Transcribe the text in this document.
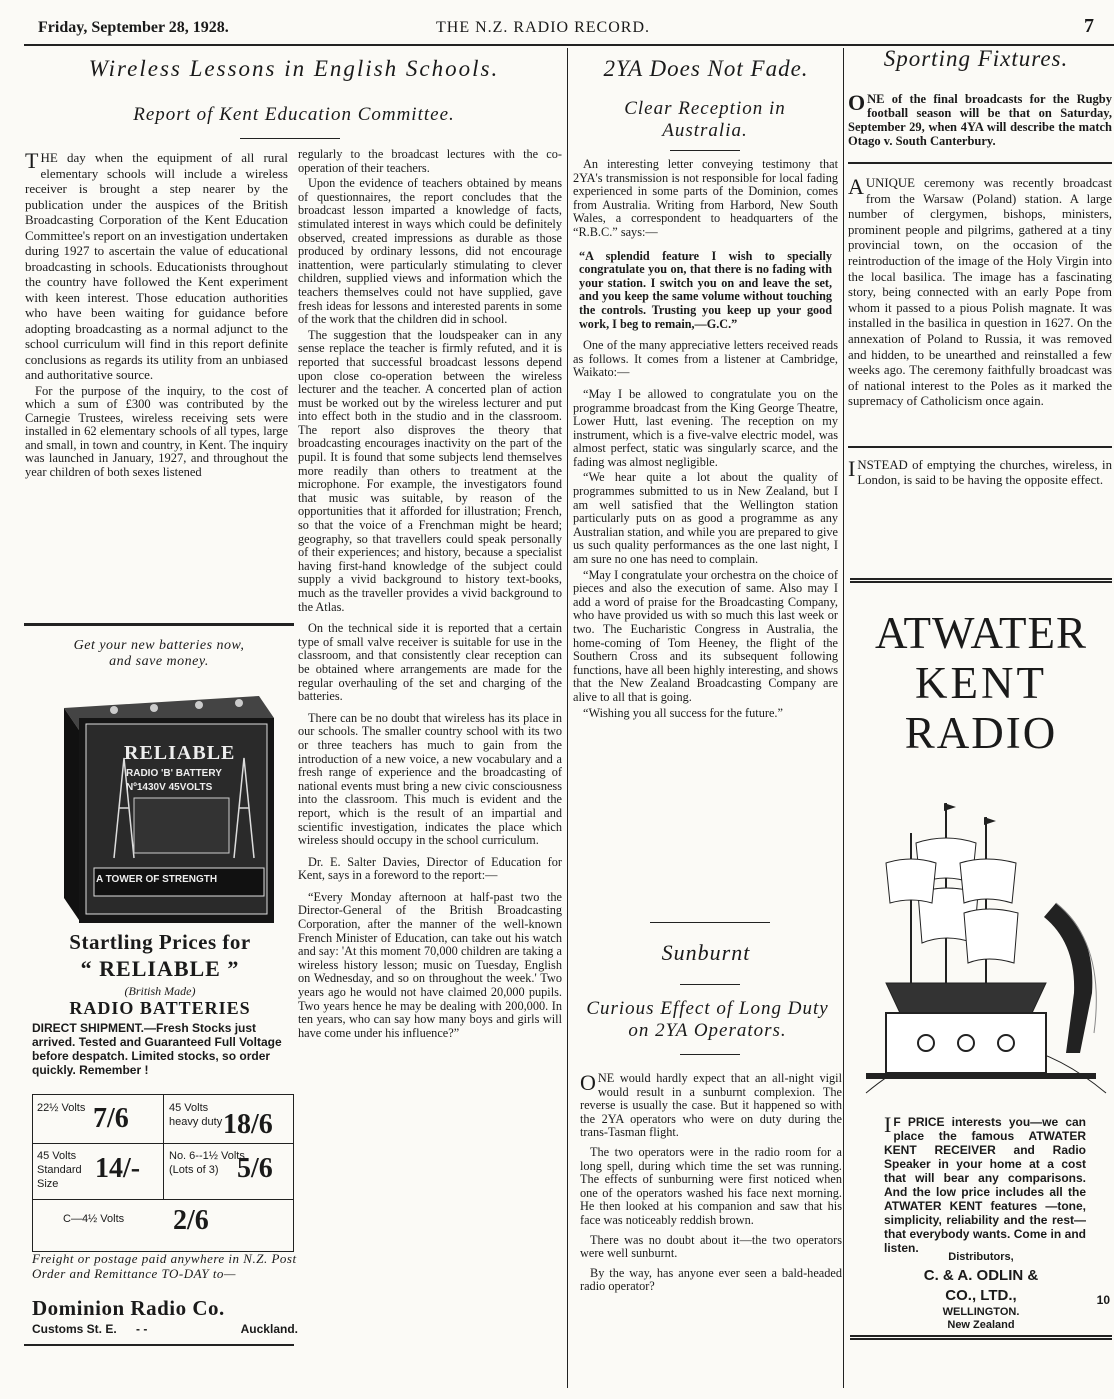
Friday, September 28, 1928.	THE N.Z. RADIO RECORD.	7
Wireless Lessons in English Schools.
Report of Kent Education Committee.

THE day when the equipment of all rural elementary schools will include a wireless receiver is brought a step nearer by the publication under the auspices of the British Broadcasting Corporation of the Kent Education Committee's report on an investigation undertaken during 1927 to ascertain the value of educational broadcasting in schools. Educationists throughout the country have followed the Kent experiment with keen interest. Those education authorities who have been waiting for guidance before adopting broadcasting as a normal adjunct to the school curriculum will find in this report definite conclusions as regards its utility from an unbiased and authoritative source.

For the purpose of the inquiry, to the cost of which a sum of £300 was contributed by the Carnegie Trustees, wireless receiving sets were installed in 62 elementary schools of all types, large and small, in town and country, in Kent. The inquiry was launched in January, 1927, and throughout the year children of both sexes listened

regularly to the broadcast lectures with the co-operation of their teachers.

Upon the evidence of teachers obtained by means of questionnaires, the report concludes that the broadcast lesson imparted a knowledge of facts, stimulated interest in ways which could be definitely observed, created impressions as durable as those produced by ordinary lessons, did not encourage inattention, were particularly stimulating to clever children, supplied views and information which the teachers themselves could not have supplied, gave fresh ideas for lessons and interested parents in some of the work that the children did in school.

The suggestion that the loudspeaker can in any sense replace the teacher is firmly refuted, and it is reported that successful broadcast lessons depend upon close co-operation between the wireless lecturer and the teacher. A concerted plan of action must be worked out by the wireless lecturer and put into effect both in the studio and in the classroom. The report also disproves the theory that broadcasting encourages inactivity on the part of the pupil. It is found that some subjects lend themselves more readily than others to treatment at the microphone. For example, the investigators found that music was suitable, by reason of the opportunities that it afforded for illustration; French, so that the voice of a Frenchman might be heard; geography, so that travellers could speak personally of their experiences; and history, because a specialist having first-hand knowledge of the subject could supply a vivid background to history text-books, much as the traveller provides a vivid background to the Atlas.

On the technical side it is reported that a certain type of small valve receiver is suitable for use in the classroom, and that consistently clear reception can be obtained where arrangements are made for the regular overhauling of the set and charging of the batteries.

There can be no doubt that wireless has its place in our schools. The smaller country school with its two or three teachers has much to gain from the introduction of a new voice, a new vocabulary and a fresh range of experience and the broadcasting of national events must bring a new civic consciousness into the classroom. This much is evident and the report, which is the result of an impartial and scientific investigation, indicates the place which wireless should occupy in the school curriculum.

Dr. E. Salter Davies, Director of Education for Kent, says in a foreword to the report:—

“Every Monday afternoon at half-past two the Director-General of the British Broadcasting Corporation, after the manner of the well-known French Minister of Education, can take out his watch and say: 'At this moment 70,000 children are taking a wireless history lesson; music on Tuesday, English on Wednesday, and so on throughout the week.' Two years ago he would not have claimed 20,000 pupils. Two years hence he may be dealing with 200,000. In ten years, who can say how many boys and girls will have come under his influence?”

Get your new batteries now, and save money.
RELIABLE
RADIO 'B' BATTERY
Nº1430V 45VOLTS
A TOWER OF STRENGTH
Startling Prices for
“ RELIABLE ”
(British Made)
RADIO BATTERIES
DIRECT SHIPMENT.—Fresh Stocks just arrived. Tested and Guaranteed Full Voltage before despatch. Limited stocks, so order quickly. Remember !
22½ Volts 7/6	45 Volts heavy duty 18/6
45 Volts Standard Size	14/-	No. 6--1½ Volts (Lots of 3) 5/6
C—4½ Volts 2/6
Freight or postage paid anywhere in N.Z. Post Order and Remittance TO-DAY to—
Dominion Radio Co.
Customs St. E. - -	Auckland.
2YA Does Not Fade.
Clear Reception in Australia.

An interesting letter conveying testimony that 2YA's transmission is not responsible for local fading experienced in some parts of the Dominion, comes from Australia. Writing from Harbord, New South Wales, a correspondent to headquarters of the “R.B.C.” says:—

“A splendid feature I wish to specially congratulate you on, that there is no fading with your station. I switch you on and leave the set, and you keep the same volume without touching the controls. Trusting you keep up your good work, I beg to remain,—G.C.”

One of the many appreciative letters received reads as follows. It comes from a listener at Cambridge, Waikato:—

“May I be allowed to congratulate you on the programme broadcast from the King George Theatre, Lower Hutt, last evening. The reception on my instrument, which is a five-valve electric model, was almost perfect, static was singularly scarce, and the fading was almost negligible.

“We hear quite a lot about the quality of programmes submitted to us in New Zealand, but I am well satisfied that the Wellington station particularly puts on as good a programme as any Australian station, and while you are prepared to give us such quality performances as the one last night, I am sure no one has need to complain.

“May I congratulate your orchestra on the choice of pieces and also the execution of same. Also may I add a word of praise for the Broadcasting Company, who have provided us with so much this last week or two. The Eucharistic Congress in Australia, the home-coming of Tom Heeney, the flight of the Southern Cross and its subsequent following functions, have all been highly interesting, and shows that the New Zealand Broadcasting Company are alive to all that is going.

“Wishing you all success for the future.”

Sunburnt
Curious Effect of Long Duty on 2YA Operators.

ONE would hardly expect that an all-night vigil would result in a sunburnt complexion. The reverse is usually the case. But it happened so with the 2YA operators who were on duty during the trans-Tasman flight.

The two operators were in the radio room for a long spell, during which time the set was running. The effects of sunburning were first noticed when one of the operators washed his face next morning. He then looked at his companion and saw that his face was noticeably reddish brown.

There was no doubt about it—the two operators were well sunburnt.

By the way, has anyone ever seen a bald-headed radio operator?

Sporting Fixtures.

ONE of the final broadcasts for the Rugby football season will be that on Saturday, September 29, when 4YA will describe the match Otago v. South Canterbury.

AUNIQUE ceremony was recently broadcast from the Warsaw (Poland) station. A large number of clergymen, bishops, ministers, prominent people and pilgrims, gathered at a tiny provincial town, on the occasion of the reintroduction of the image of the Holy Virgin into the local basilica. The image has a fascinating story, being connected with an early Pope from whom it passed to a pious Polish magnate. It was installed in the basilica in question in 1627. On the annexation of Poland to Russia, it was removed and hidden, to be unearthed and reinstalled a few weeks ago. The ceremony faithfully broadcast was of national interest to the Poles as it marked the supremacy of Catholicism once again.

INSTEAD of emptying the churches, wireless, in London, is said to be having the opposite effect.

ATWATER
KENT
RADIO
I F PRICE interests you—we can place the famous ATWATER KENT RECEIVER and Radio Speaker in your home at a cost that will bear any comparisons. And the low price includes all the ATWATER KENT features —tone, simplicity, reliability and the rest—that everybody wants. Come in and listen.
Distributors,
C. & A. ODLIN &
CO., LTD.,
WELLINGTON.
New Zealand
10
